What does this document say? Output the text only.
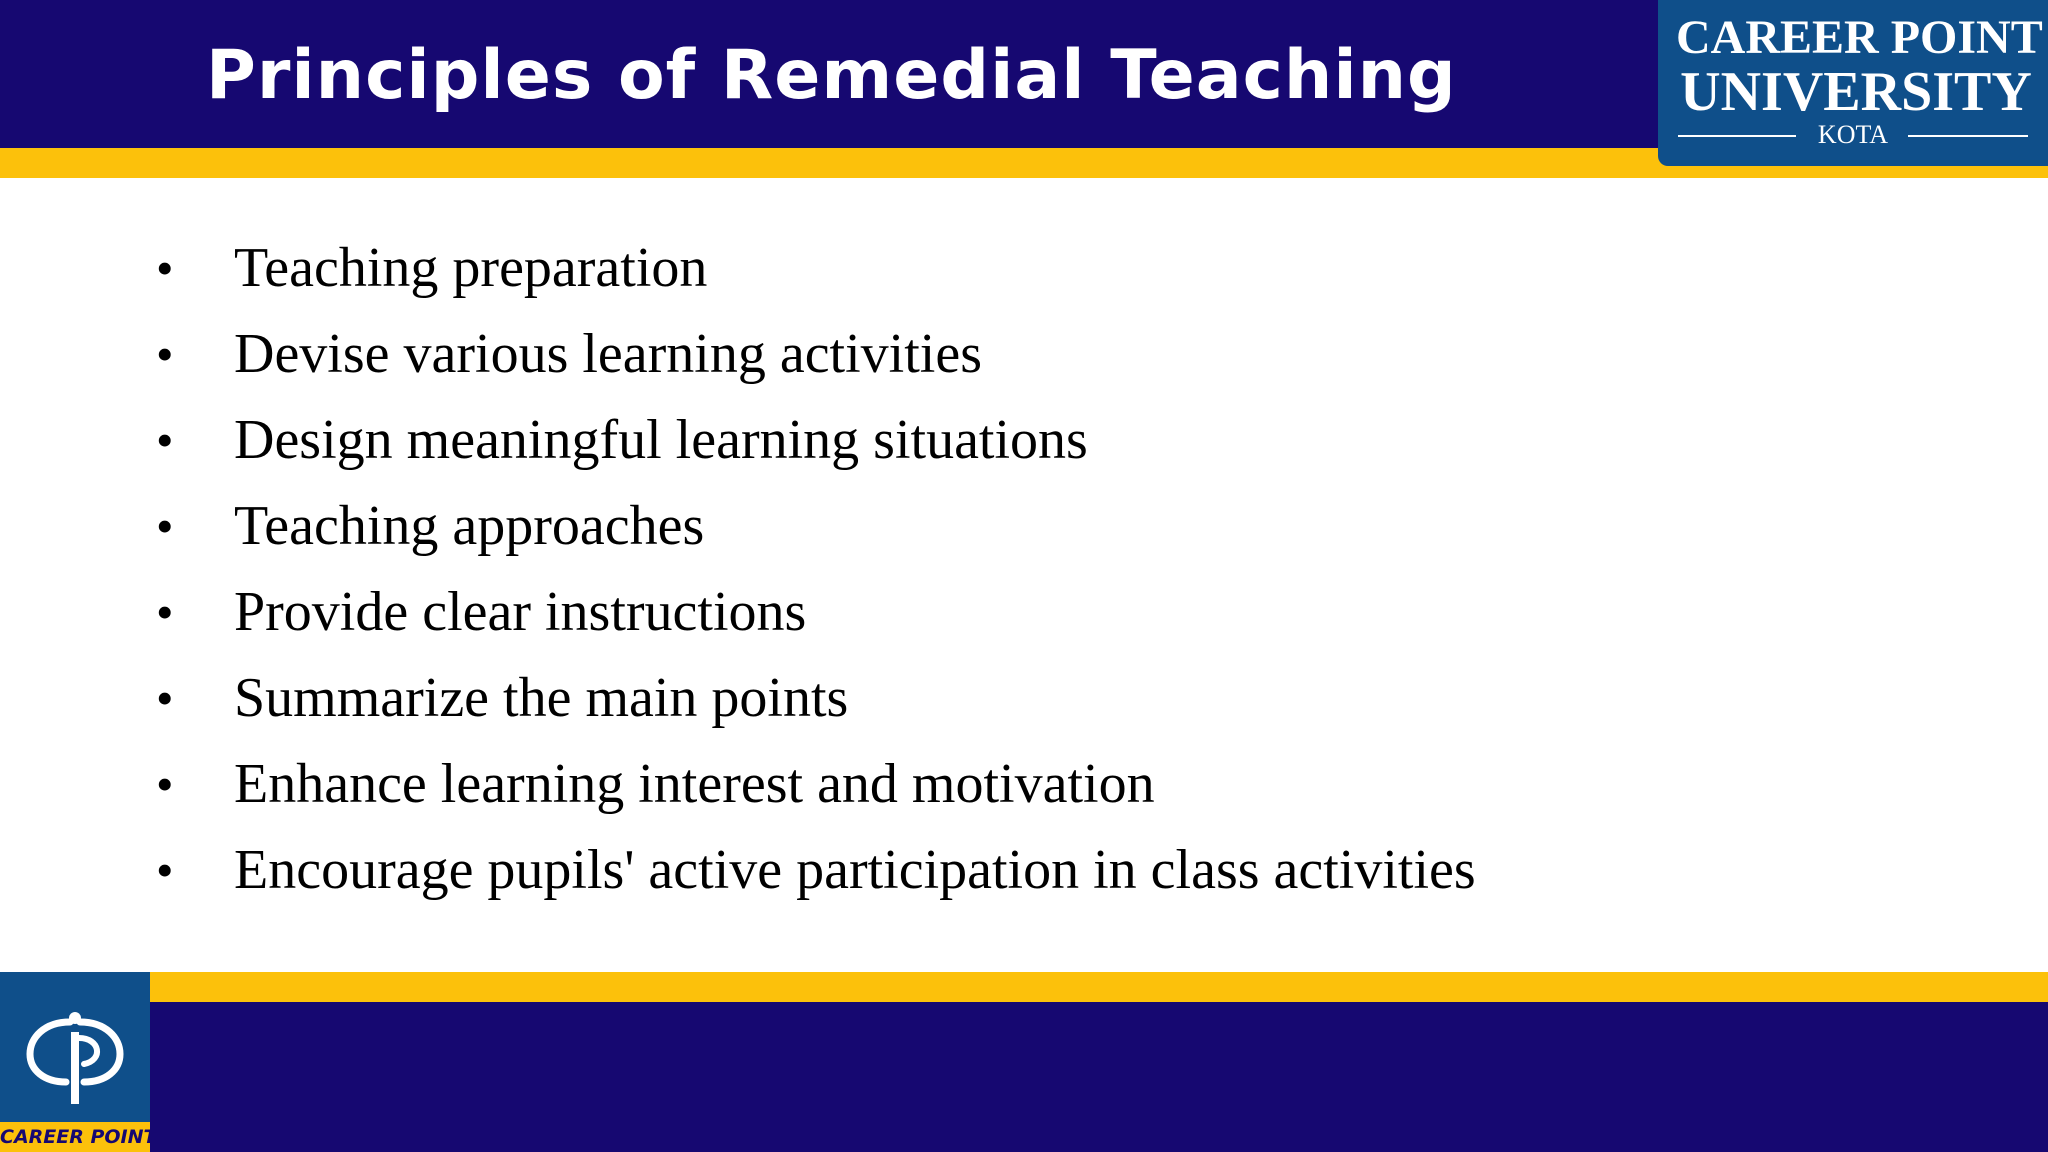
Principles of Remedial Teaching	CAREER POINT
UNIVERSITY
KOTA
• Teaching preparation
• Devise various learning activities
• Design meaningful learning situations
• Teaching approaches
• Provide clear instructions
• Summarize the main points
• Enhance learning interest and motivation
• Encourage pupils' active participation in class activities
CAREER POINT
